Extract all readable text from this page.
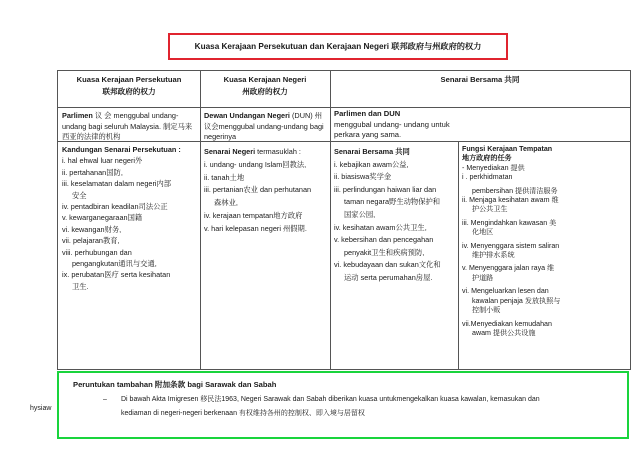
Kuasa Kerajaan Persekutuan dan Kerajaan Negeri 联邦政府与州政府的权力
Kuasa Kerajaan Persekutuan
联邦政府的权力
Kuasa Kerajaan Negeri
州政府的权力
Senarai Bersama 共同
Parlimen 议 会 menggubal undang-undang bagi seluruh Malaysia. 制定马来西亚的法律的机构
Dewan Undangan Negeri (DUN) 州议会menggubal undang-undang bagi negerinya
Parlimen dan DUN
menggubal undang- undang untuk perkara yang sama.
Kandungan Senarai Persekutuan :
i. hal ehwal luar negeri外
ii. pertahanan国防,
iii. keselamatan dalam negeri内部
安全
iv. pentadbiran keadilan司法公正
v. kewarganegaraan国籍
vi. kewangan财务,
vii. pelajaran教育,
viii. perhubungan dan
pengangkutan通讯与交通,
ix. perubatan医疗 serta kesihatan
卫生.
Senarai Negeri termasuklah :
i. undang- undang Islam回教法,
ii. tanah土地
iii. pertanian农业 dan perhutanan
森林业,
iv. kerajaan tempatan地方政府
v. hari kelepasan negeri 州假期.
Senarai Bersama 共同
i. kebajikan awam公益,
ii. biasiswa奖学金
iii. perlindungan haiwan liar dan
taman negara野生动物保护和
国家公园,
iv. kesihatan awam公共卫生,
v. kebersihan dan pencegahan
penyakit卫生和疾病预防,
vi. kebudayaan dan sukan文化和
运动 serta perumahan房屋.
Fungsi Kerajaan Tempatan
地方政府的任务
- Menyediakan 提供
i . perkhidmatan
pembersihan 提供清洁服务
ii. Menjaga kesihatan awam 维
护公共卫生
iii. Mengindahkan kawasan 美
化地区
iv. Menyenggara sistem saliran
维护排水系统
v. Menyenggara jalan raya 维
护道路
vi. Mengeluarkan lesen dan
kawalan penjaja 发放执照与
控制小贩
vii.Menyediakan kemudahan
awam 提供公共设施
hysiaw
Peruntukan tambahan 附加条款 bagi Sarawak dan Sabah
– Di bawah Akta Imigresen 移民法1963, Negeri Sarawak dan Sabah diberikan kuasa untukmengekalkan kuasa kawalan, kemasukan dan
kediaman di negeri-negeri berkenaan 有权维持各州的控制权、即入境与居留权
